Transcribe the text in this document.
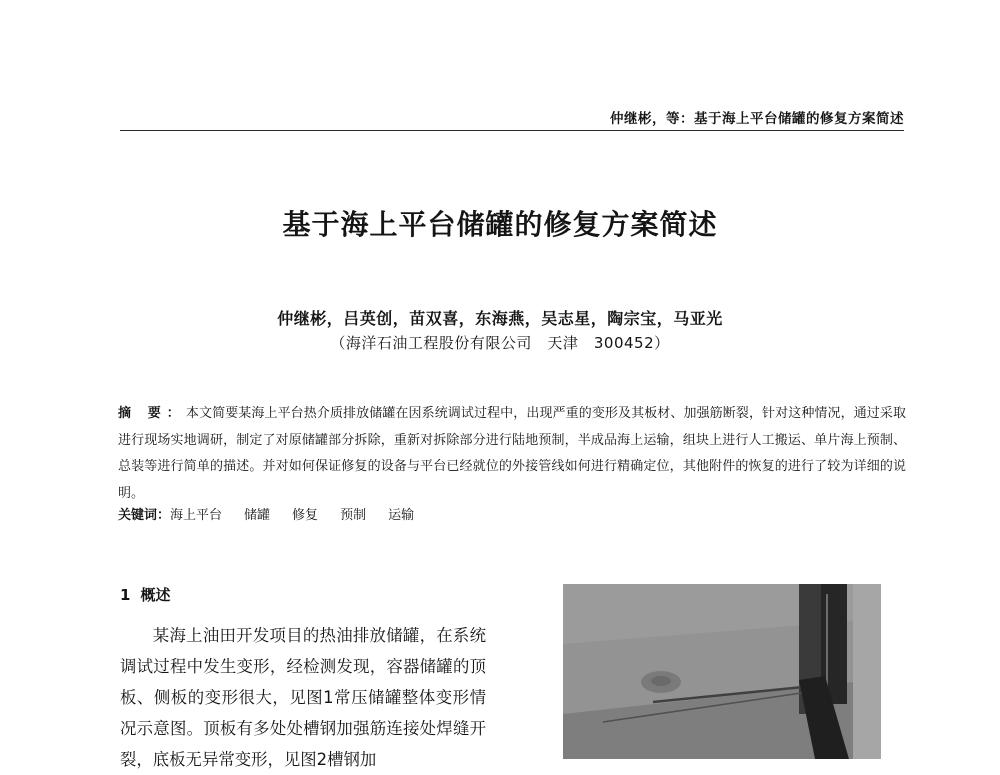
仲继彬，等：基于海上平台储罐的修复方案简述
基于海上平台储罐的修复方案简述
仲继彬，吕英创，苗双喜，东海燕，吴志星，陶宗宝，马亚光
（海洋石油工程股份有限公司　天津　300452）
摘 要：本文简要某海上平台热介质排放储罐在因系统调试过程中，出现严重的变形及其板材、加强筋断裂，针对这种情况，通过采取进行现场实地调研，制定了对原储罐部分拆除，重新对拆除部分进行陆地预制，半成品海上运输，组块上进行人工搬运、单片海上预制、总装等进行简单的描述。并对如何保证修复的设备与平台已经就位的外接管线如何进行精确定位，其他附件的恢复的进行了较为详细的说明。
关键词：海上平台 储罐 修复 预制 运输
1 概述
某海上油田开发项目的热油排放储罐，在系统调试过程中发生变形，经检测发现，容器储罐的顶板、侧板的变形很大，见图1常压储罐整体变形情况示意图。顶板有多处处槽钢加强筋连接处焊缝开裂，底板无异常变形，见图2槽钢加
